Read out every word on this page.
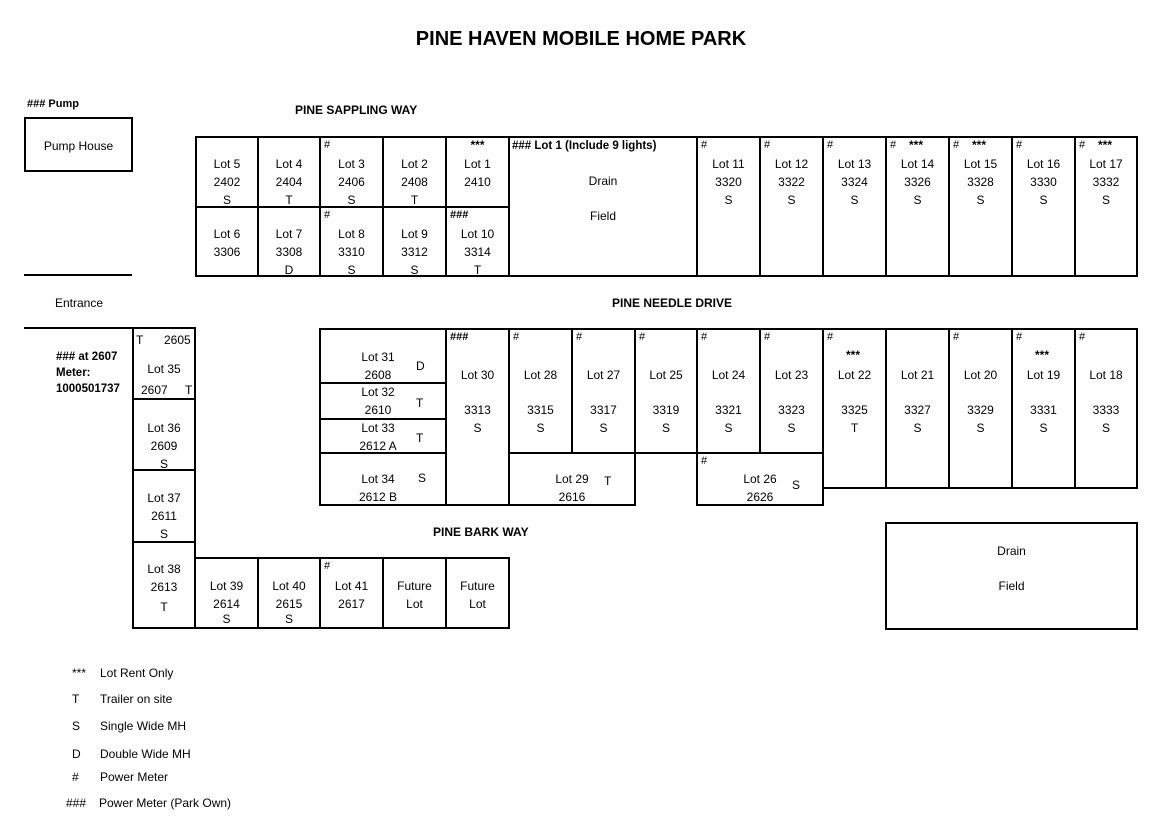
PINE HAVEN MOBILE HOME PARK
PINE SAPPLING WAY
PINE NEEDLE DRIVE
PINE BARK WAY
### Pump
Pump House
Entrance
### at 2607
Meter:
1000501737
Lot 5
2402
S
Lot 4
2404
T
#
Lot 3
2406
S
Lot 2
2408
T
***
Lot 1
2410
### Lot 1 (Include 9 lights)
Drain
Field
#
Lot 11
3320
S
#
Lot 12
3322
S
#
Lot 13
3324
S
# ***
Lot 14
3326
S
# ***
Lot 15
3328
S
#
Lot 16
3330
S
# ***
Lot 17
3332
S
Lot 6
3306
Lot 7
3308
D
#
Lot 8
3310
S
Lot 9
3312
S
###
Lot 10
3314
T
T 2605
Lot 35
2607 T
Lot 36
2609
S
Lot 37
2611
S
Lot 38
2613
T
Lot 39
2614
S
Lot 40
2615
S
#
Lot 41
2617
Future
Lot
Future
Lot
Lot 31
2608
D
Lot 32
2610	T
Lot 33
2612 A
T
Lot 34
2612 B
S
###
Lot 30
3313
S
#
Lot 28
3315
S
#
Lot 27
3317
S
#
Lot 25
3319
S
#
Lot 24
3321
S
#
Lot 23
3323
S
#
***
Lot 22
3325
T
Lot 21
3327
S
#
Lot 20
3329
S
#
***
Lot 19
3331
S
#
Lot 18
3333
S
Lot 29
2616
T
#
Lot 26
2626
S
Drain
Field
*** Lot Rent Only
T Trailer on site
S Single Wide MH
D Double Wide MH
# Power Meter
### Power Meter (Park Own)
